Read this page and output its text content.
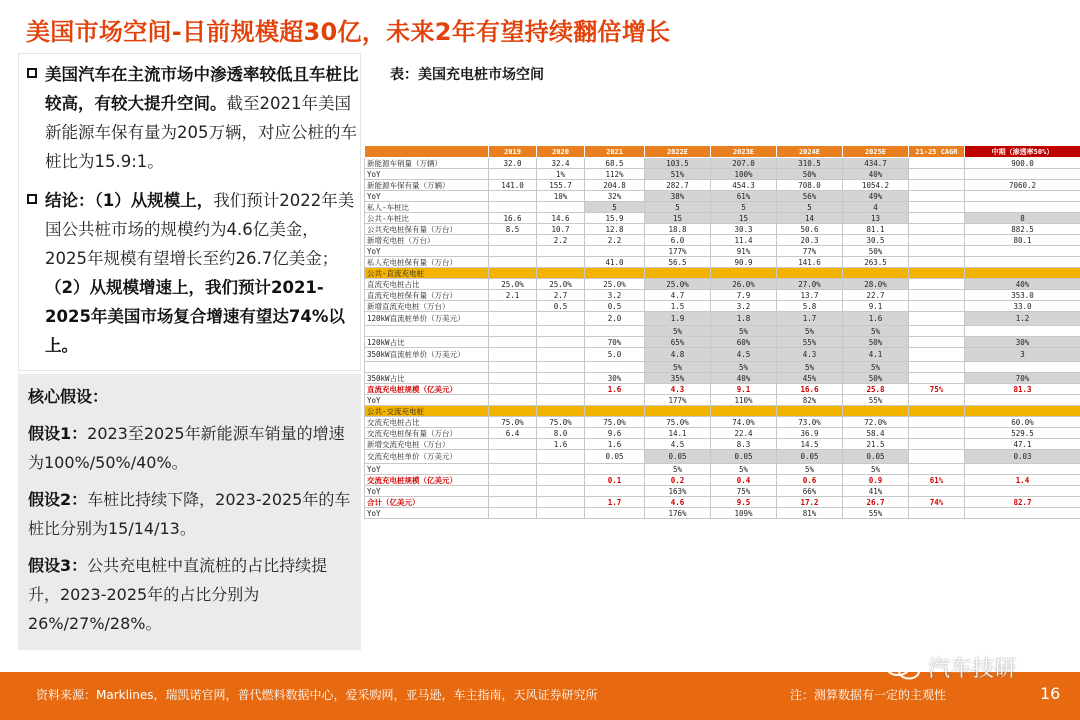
美国市场空间-目前规模超30亿，未来2年有望持续翻倍增长
美国汽车在主流市场中渗透率较低且车桩比较高，有较大提升空间。截至2021年美国新能源车保有量为205万辆，对应公桩的车桩比为15.9:1。
结论：（1）从规模上，我们预计2022年美国公共桩市场的规模约为4.6亿美金，2025年规模有望增长至约26.7亿美金；（2）从规模增速上，我们预计2021-2025年美国市场复合增速有望达74%以上。
核心假设：
假设1：2023至2025年新能源车销量的增速为100%/50%/40%。
假设2：车桩比持续下降，2023-2025年的车桩比分别为15/14/13。
假设3：公共充电桩中直流桩的占比持续提升，2023-2025年的占比分别为26%/27%/28%。
表：美国充电桩市场空间
	2019	2020	2021	2022E	2023E	2024E	2025E	21-25 CAGR	中期（渗透率50%）
新能源车销量（万辆）	32.0	32.4	68.5	103.5	207.0	310.5	434.7		900.0
YoY		1%	112%	51%	100%	50%	40%		
新能源车保有量（万辆）	141.0	155.7	204.8	282.7	454.3	708.0	1054.2		7060.2
YoY		10%	32%	38%	61%	56%	49%		
私人-车桩比			5	5	5	5	4		
公共-车桩比	16.6	14.6	15.9	15	15	14	13		8
公共充电桩保有量（万台）	8.5	10.7	12.8	18.8	30.3	50.6	81.1		882.5
新增充电桩（万台）		2.2	2.2	6.0	11.4	20.3	30.5		80.1
YoY				177%	91%	77%	50%		
私人充电桩保有量（万台）			41.0	56.5	90.9	141.6	263.5		
公共-直流充电桩									
直流充电桩占比	25.0%	25.0%	25.0%	25.0%	26.0%	27.0%	28.0%		40%
直流充电桩保有量（万台）	2.1	2.7	3.2	4.7	7.9	13.7	22.7		353.0
新增直流充电桩（万台）		0.5	0.5	1.5	3.2	5.8	9.1		33.0
120kW直流桩单价（万美元）			2.0	1.9	1.8	1.7	1.6		1.2
				5%	5%	5%	5%		
120kW占比			70%	65%	60%	55%	50%		30%
350kW直流桩单价（万美元）			5.0	4.8	4.5	4.3	4.1		3
				5%	5%	5%	5%		
350kW占比			30%	35%	40%	45%	50%		70%
直流充电桩规模（亿美元）			1.6	4.3	9.1	16.6	25.8	75%	81.3
YoY				177%	110%	82%	55%		
公共-交流充电桩									
交流充电桩占比	75.0%	75.0%	75.0%	75.0%	74.0%	73.0%	72.0%		60.0%
交流充电桩保有量（万台）	6.4	8.0	9.6	14.1	22.4	36.9	58.4		529.5
新增交流充电桩（万台）		1.6	1.6	4.5	8.3	14.5	21.5		47.1
交流充电桩单价（万美元）			0.05	0.05	0.05	0.05	0.05		0.03
YoY				5%	5%	5%	5%		
交流充电桩规模（亿美元）			0.1	0.2	0.4	0.6	0.9	61%	1.4
YoY				163%	75%	66%	41%		
合计（亿美元）			1.7	4.6	9.5	17.2	26.7	74%	82.7
YoY				176%	109%	81%	55%		
资料来源：Marklines，瑞凯诺官网，普代燃料数据中心，爱采购网，亚马逊，车主指南，天风证券研究所	注：测算数据有一定的主观性	16
汽车技研
